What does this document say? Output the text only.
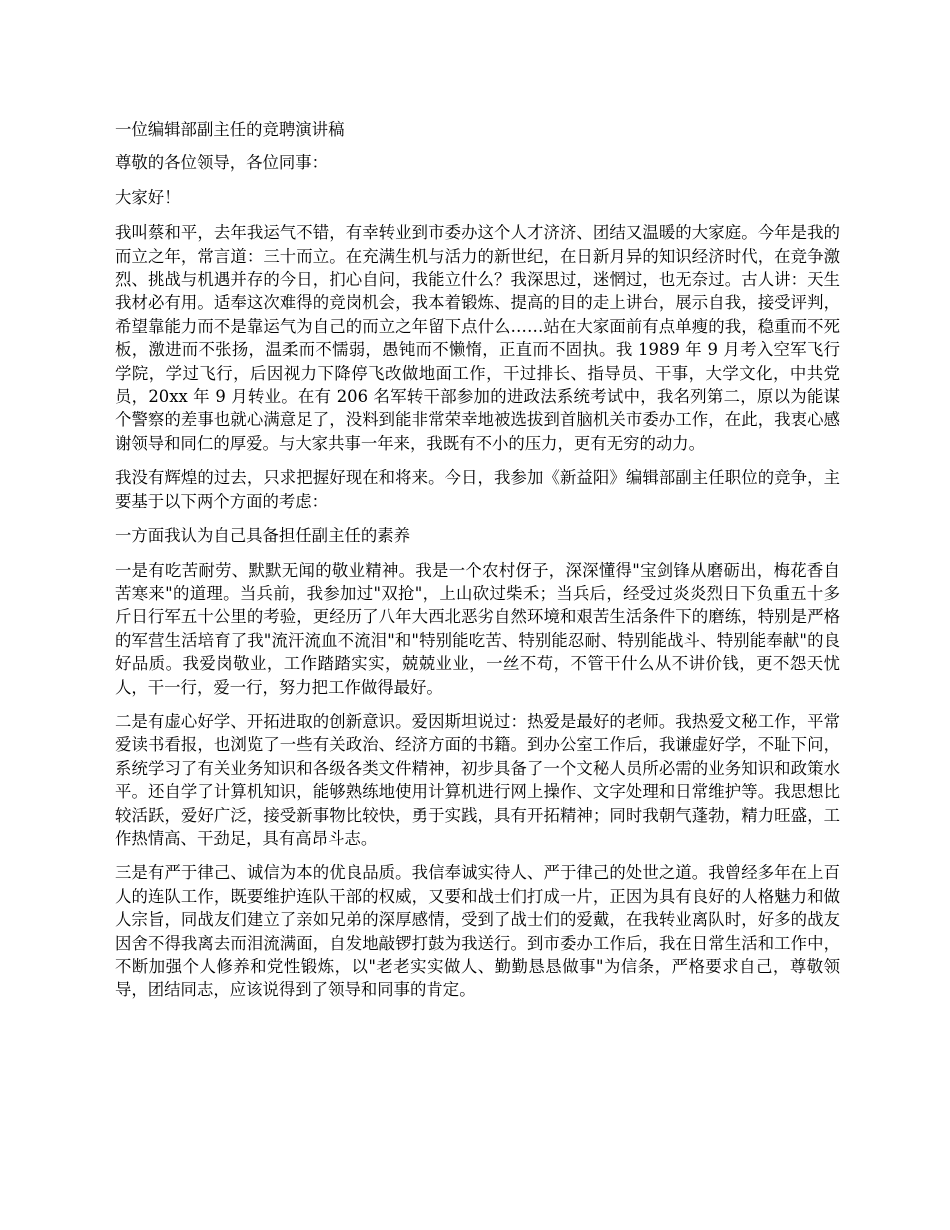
一位编辑部副主任的竞聘演讲稿

尊敬的各位领导，各位同事：

大家好！

我叫蔡和平，去年我运气不错，有幸转业到市委办这个人才济济、团结又温暖的大家庭。今年是我的而立之年，常言道：三十而立。在充满生机与活力的新世纪，在日新月异的知识经济时代，在竞争激烈、挑战与机遇并存的今日，扪心自问，我能立什么？我深思过，迷惘过，也无奈过。古人讲：天生我材必有用。适奉这次难得的竞岗机会，我本着锻炼、提高的目的走上讲台，展示自我，接受评判，希望靠能力而不是靠运气为自己的而立之年留下点什么……站在大家面前有点单瘦的我，稳重而不死板，激进而不张扬，温柔而不懦弱，愚钝而不懒惰，正直而不固执。我 1989 年 9 月考入空军飞行学院，学过飞行，后因视力下降停飞改做地面工作，干过排长、指导员、干事，大学文化，中共党员，20xx 年 9 月转业。在有 206 名军转干部参加的进政法系统考试中，我名列第二，原以为能谋个警察的差事也就心满意足了，没料到能非常荣幸地被选拔到首脑机关市委办工作，在此，我衷心感谢领导和同仁的厚爱。与大家共事一年来，我既有不小的压力，更有无穷的动力。

我没有辉煌的过去，只求把握好现在和将来。今日，我参加《新益阳》编辑部副主任职位的竞争，主要基于以下两个方面的考虑：

一方面我认为自己具备担任副主任的素养

一是有吃苦耐劳、默默无闻的敬业精神。我是一个农村伢子，深深懂得"宝剑锋从磨砺出，梅花香自苦寒来"的道理。当兵前，我参加过"双抢"，上山砍过柴禾；当兵后，经受过炎炎烈日下负重五十多斤日行军五十公里的考验，更经历了八年大西北恶劣自然环境和艰苦生活条件下的磨练，特别是严格的军营生活培育了我"流汗流血不流泪"和"特别能吃苦、特别能忍耐、特别能战斗、特别能奉献"的良好品质。我爱岗敬业，工作踏踏实实，兢兢业业，一丝不苟，不管干什么从不讲价钱，更不怨天忧人，干一行，爱一行，努力把工作做得最好。

二是有虚心好学、开拓进取的创新意识。爱因斯坦说过：热爱是最好的老师。我热爱文秘工作，平常爱读书看报，也浏览了一些有关政治、经济方面的书籍。到办公室工作后，我谦虚好学，不耻下问，系统学习了有关业务知识和各级各类文件精神，初步具备了一个文秘人员所必需的业务知识和政策水平。还自学了计算机知识，能够熟练地使用计算机进行网上操作、文字处理和日常维护等。我思想比较活跃，爱好广泛，接受新事物比较快，勇于实践，具有开拓精神；同时我朝气蓬勃，精力旺盛，工作热情高、干劲足，具有高昂斗志。

三是有严于律己、诚信为本的优良品质。我信奉诚实待人、严于律己的处世之道。我曾经多年在上百人的连队工作，既要维护连队干部的权威，又要和战士们打成一片，正因为具有良好的人格魅力和做人宗旨，同战友们建立了亲如兄弟的深厚感情，受到了战士们的爱戴，在我转业离队时，好多的战友因舍不得我离去而泪流满面，自发地敲锣打鼓为我送行。到市委办工作后，我在日常生活和工作中，不断加强个人修养和党性锻炼，以"老老实实做人、勤勤恳恳做事"为信条，严格要求自己，尊敬领导，团结同志，应该说得到了领导和同事的肯定。
